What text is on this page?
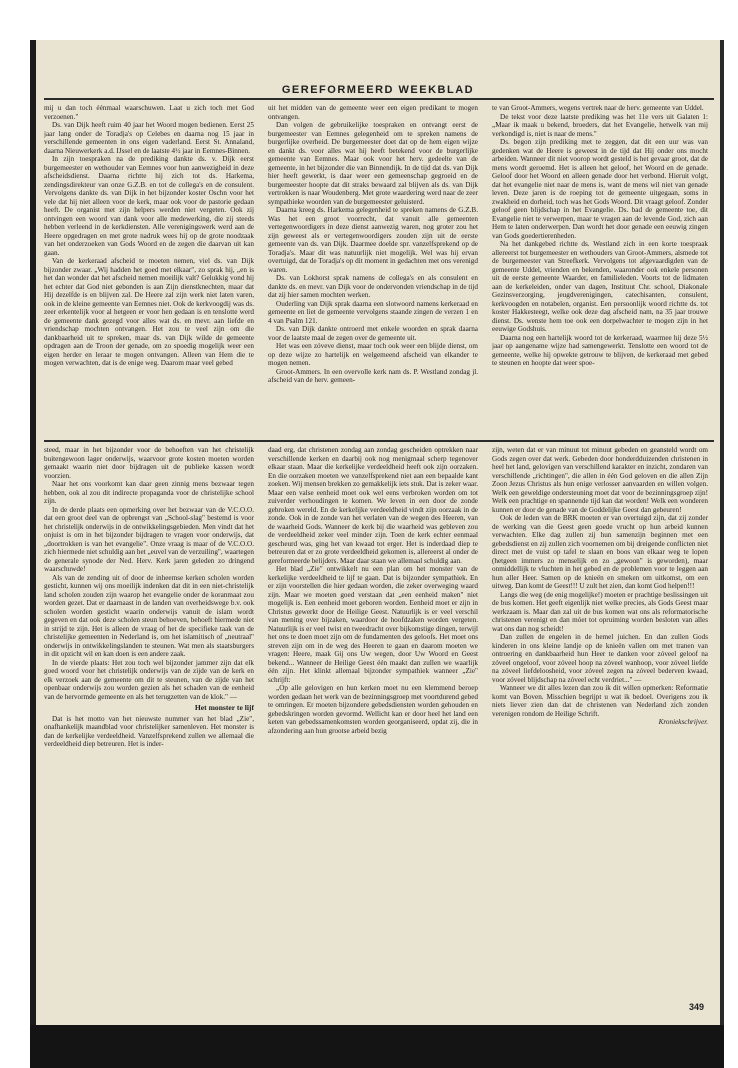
GEREFORMEERD WEEKBLAD

mij u dan toch éénmaal waarschuwen. Laat u zich toch met God verzoenen."

Ds. van Dijk heeft ruim 40 jaar het Woord mogen bedienen. Eerst 25 jaar lang onder de Toradja's op Celebes en daarna nog 15 jaar in verschillende gemeenten in ons eigen vaderland. Eerst St. Annaland, daarna Nieuwerkerk a.d. IJssel en de laatste 4½ jaar in Eemnes-Binnen.

In zijn toespraken na de prediking dankte ds. v. Dijk eerst burgemeester en wethouder van Eemnes voor hun aanwezigheid in deze afscheidsdienst. Daarna richtte hij zich tot ds. Harkema, zendingsdirekteur van onze G.Z.B. en tot de collega's en de consulent. Vervolgens dankte ds. van Dijk in het bijzonder koster Oschn voor het vele dat hij niet alleen voor de kerk, maar ook voor de pastorie gedaan heeft. De organist met zijn helpers werden niet vergeten. Ook zij ontvingen een woord van dank voor alle medewerking, die zij steeds hebben verleend in de kerkdiensten. Alle verenigingswerk werd aan de Heere opgedragen en met grote nadruk wees hij op de grote noodzaak van het onderzoeken van Gods Woord en de zegen die daarvan uit kan gaan.

Van de kerkeraad afscheid te moeten nemen, viel ds. van Dijk bijzonder zwaar. „Wij hadden het goed met elkaar", zo sprak hij, „en is het dan wonder dat het afscheid nemen moeilijk valt? Gelukkig vond hij het echter dat God niet gebonden is aan Zijn dienstknechten, maar dat Hij dezelfde is en blijven zal. De Heere zal zijn werk niet laten varen, ook in de kleine gemeente van Eemnes niet. Ook de kerkvoogdij was ds. zeer erkentelijk voor al hetgeen er voor hen gedaan is en tenslotte werd de gemeente dank gezegd voor alles wat ds. en mevr. aan liefde en vriendschap mochten ontvangen. Het zou te veel zijn om die dankbaarheid uit te spreken, maar ds. van Dijk wilde de gemeente opdragen aan de Troon der genade, om zo spoedig mogelijk weer een eigen herder en leraar te mogen ontvangen. Alleen van Hem die te mogen verwachten, dat is de enige weg. Daarom maar veel gebed

uit het midden van de gemeente weer een eigen predikant te mogen ontvangen.

Dan volgen de gebruikelijke toespraken en ontvangt eerst de burgemeester van Eemnes gelegenheid om te spreken namens de burgerlijke overheid. De burgemeester doet dat op de hem eigen wijze en dankt ds. voor alles wat hij heeft betekend voor de burgerlijke gemeente van Eemnes. Maar ook voor het herv. gedeelte van de gemeente, in het bijzonder die van Binnendijk. In de tijd dat ds. van Dijk hier heeft gewerkt, is daar weer een gemeenschap gegroeid en de burgemeester hoopte dat dit straks bewaard zal blijven als ds. van Dijk vertrokken is naar Woudenberg. Met grote waardering werd naar de zeer sympathieke woorden van de burgemeester geluisterd.

Daarna kreeg ds. Harkema gelegenheid te spreken namens de G.Z.B. Was het een groot voorrecht, dat vanuit alle gemeenten vertegenwoordigers in deze dienst aanwezig waren, nog groter zou het zijn geweest als er vertegenwoordigers zouden zijn uit de eerste gemeente van ds. van Dijk. Daarmee doelde spr. vanzelfsprekend op de Toradja's. Maar dit was natuurlijk niet mogelijk. Wel was hij ervan overtuigd, dat de Toradja's op dit moment in gedachten met ons verenigd waren.

Ds. van Lokhorst sprak namens de collega's en als consulent en dankte ds. en mevr. van Dijk voor de ondervonden vriendschap in de tijd dat zij hier samen mochten werken.

Ouderling van Dijk sprak daarna een slotwoord namens kerkeraad en gemeente en liet de gemeente vervolgens staande zingen de verzen 1 en 4 van Psalm 121.

Ds. van Dijk dankte ontroerd met enkele woorden en sprak daarna voor de laatste maal de zegen over de gemeente uit.

Het was een zóveve dienst, maar toch ook weer een blijde dienst, om op deze wijze zo hartelijk en welgemeend afscheid van elkander te mogen nemen.

Groot-Ammers. In een overvolle kerk nam ds. P. Westland zondag jl. afscheid van de herv. gemeen-

te van Groot-Ammers, wegens vertrek naar de herv. gemeente van Uddel.

De tekst voor deze laatste prediking was het 11e vers uit Galaten 1: „Maar ik maak u bekend, broeders, dat het Evangelie, hetwelk van mij verkondigd is, niet is naar de mens."

Ds. begon zijn prediking met te zeggen, dat dit een uur was van gedenken wat de Heere is geweest in de tijd dat Hij onder ons mocht arbeiden. Wanneer dit niet voorop wordt gesteld is het gevaar groot, dat de mens wordt geroemd. Het is alleen het geloof, het Woord en de genade. Geloof door het Woord en alleen genade door het verbond. Hieruit volgt, dat het evangelie niet naar de mens is, want de mens wil niet van genade leven. Deze jaren is de roeping tot de gemeente uitgegaan, soms in zwakheid en dorheid, toch was het Gods Woord. Dit vraagt geloof. Zonder geloof geen blijdschap in het Evangelie. Ds. bad de gemeente toe, dit Evangelie niet te verwerpen, maar te vragen aan de levende God, zich aan Hem te laten onderwerpen. Dan wordt het door genade een eeuwig zingen van Gods goedertierenheden.

Na het dankgebed richtte ds. Westland zich in een korte toespraak allereerst tot burgemeester en wethouders van Groot-Ammers, alsmede tot de burgemeester van Streefkerk. Vervolgens tot afgevaardigden van de gemeente Uddel, vrienden en bekenden, waaronder ook enkele personen uit de eerste gemeente Waarder, en familieleden. Voorts tot de lidmaten aan de kerkeleiden, onder van dagen, Instituut Chr. school, Diakonale Gezinsverzorging, jeugdverenigingen, catechisanten, consulent, kerkvoogden en notabelen, organist. Een persoonlijk woord richtte ds. tot koster Hakkesteegt, welke ook deze dag afscheid nam, na 35 jaar trouwe dienst. Ds. wenste hem toe ook een dorpelwachter te mogen zijn in het eeuwige Godshuis.

Daarna nog een hartelijk woord tot de kerkeraad, waarmee hij deze 5½ jaar op aangename wijze had samengewerkt. Tenslotte een woord tot de gemeente, welke hij opwekte getrouw te blijven, de kerkeraad met gebed te steunen en hoopte dat weer spoe-

steed, maar in het bijzonder voor de behoeften van het christelijk buitengewoon lager onderwijs, waarvoor grote kosten moeten worden gemaakt waarin niet door bijdragen uit de publieke kassen wordt voorzien.

Naar het ons voorkomt kan daar geen zinnig mens bezwaar tegen hebben, ook al zou dit indirecte propaganda voor de christelijke school zijn.

In de derde plaats een opmerking over het bezwaar van de V.C.O.O. dat een groot deel van de opbrengst van „School-slag" bestemd is voor het christelijk onderwijs in de ontwikkelingsgebieden. Men vindt dat het onjuist is om in het bijzonder bijdragen te vragen voor onderwijs, dat „doortrokken is van het evangelie". Onze vraag is maar of de V.C.O.O. zich hiermede niet schuldig aan het „euvel van de verzuiling", waartegen de generale synode der Ned. Herv. Kerk jaren geleden zo dringend waarschuwde!

Als van de zending uit of door de inheemse kerken scholen worden gesticht, kunnen wij ons moeilijk indenken dat dit in een niet-christelijk land scholen zouden zijn waarop het evangelie onder de koranmaat zou worden gezet. Dat er daarnaast in de landen van overheidswege b.v. ook scholen worden gesticht waarin onderwijs vanuit de islam wordt gegeven en dat ook deze scholen steun behoeven, behoeft hiermede niet in strijd te zijn. Het is alleen de vraag of het de specifieke taak van de christelijke gemeenten in Nederland is, om het islamitisch of „neutraal" onderwijs in ontwikkelingslanden te steunen. Wat men als staatsburgers in dit opzicht wil en kan doen is een andere zaak.

In de vierde plaats: Het zou toch wel bijzonder jammer zijn dat elk goed woord voor het christelijk onderwijs van de zijde van de kerk en elk verzoek aan de gemeente om dit te steunen, van de zijde van het openbaar onderwijs zou worden gezien als het schaden van de eenheid van de hervormde gemeente en als het terugzetten van de klok." —

Het monster te lijf

Dat is het motto van het nieuwste nummer van het blad „Zie", onafhankelijk maandblad voor christelijker samenleven. Het monster is dan de kerkelijke verdeeldheid. Vanzelfsprekend zullen we allemaal die verdeeldheid diep betreuren. Het is inder-

daad erg, dat christenen zondag aan zondag gescheiden optrekken naar verschillende kerken en daarbij ook nog menigmaal scherp tegenover elkaar staan. Maar die kerkelijke verdeeldheid heeft ook zijn oorzaken. En die oorzaken moeten we vanzelfsprekend niet aan een bepaalde kant zoeken. Wij mensen brekken zo gemakkelijk iets stuk. Dat is zeker waar. Maar een valse eenheid moet ook wel eens verbroken worden om tot zuiverder verhoudingen te komen. We leven in een door de zonde gebroken wereld. En de kerkelijke verdeeldheid vindt zijn oorzaak in de zonde. Ook in de zonde van het verlaten van de wegen des Heeren, van de waarheid Gods. Wanneer de kerk bij die waarheid was gebleven zou de verdeeldheid zeker veel minder zijn. Toen de kerk echter eenmaal gescheurd was, ging het van kwaad tot erger. Het is inderdaad diep te betreuren dat er zo grote verdeeldheid gekomen is, allereerst al onder de gereformeerde belijders. Maar daar staan we allemaal schuldig aan.

Het blad „Zie" ontwikkelt nu een plan om het monster van de kerkelijke verdeeldheid te lijf te gaan. Dat is bijzonder sympathiek. En er zijn voorstellen die hier gedaan worden, die zeker overweging waard zijn. Maar we moeten goed verstaan dat „een eenheid maken" niet mogelijk is. Een eenheid moet geboren worden. Eenheid moet er zijn in Christus gewerkt door de Heilige Geest. Natuurlijk is er veel verschil van mening over bijzaken, waardoor de hoofdzaken worden vergeten. Natuurlijk is er veel twist en tweedracht over bijkomstige dingen, terwijl het ons te doen moet zijn om de fundamenten des geloofs. Het moet ons streven zijn om in de weg des Heeren te gaan en daarom moeten we vragen: Heere, maak Gij ons Uw wegen, door Uw Woord en Geest bekend... Wanneer de Heilige Geest één maakt dan zullen we waarlijk één zijn. Het klinkt allemaal bijzonder sympathiek wanneer „Zie" schrijft:

„Op alle gelovigen en hun kerken moet nu een klemmend beroep worden gedaan het werk van de bezinningsgroep met voortdurend gebed te omringen. Er moeten bijzondere gebedsdiensten worden gehouden en gebedskringen worden gevormd. Wellicht kan er door heel het land een keten van gebedssamenkomsten worden georganiseerd, opdat zij, die in afzondering aan hun grootse arbeid bezig

zijn, weten dat er van minuut tot minuut gebeden en geansteld wordt om Gods zegen over dat werk. Gebeden door honderdduizenden christenen in heel het land, gelovigen van verschillend karakter en inzicht, zondaren van verschillende „richtingen", die allen in één God geloven en die allen Zijn Zoon Jezus Christus als hun enige verlosser aanvaarden en willen volgen. Welk een geweldige ondersteuning moet dat voor de bezinningsgroep zijn! Welk een prachtige en spannende tijd kan dat worden! Welk een wonderen kunnen er door de genade van de Goddelijke Geest dan gebeuren!

Ook de leden van de BRK moeten er van overtuigd zijn, dat zij zonder de werking van die Geest geen goede vrucht op hun arbeid kunnen verwachten. Elke dag zullen zij hun samenzijn beginnen met een gebedsdienst en zij zullen zich voornemen om bij dreigende conflicten niet direct met de vuist op tafel te slaan en boos van elkaar weg te lopen (hetgeen immers zo menselijk en zo „gewoon" is geworden), maar onmiddellijk te vluchten in het gebed en de problemen voor te leggen aan hun aller Heer. Samen op de knieën en smeken om uitkomst, om een uitweg. Dan komt de Geest!!! U zult het zien, dan komt God helpen!!!

Langs die weg (de enig mogelijke!) moeten er prachtige beslissingen uit de bus komen. Het geeft eigenlijk niet welke precies, als Gods Geest maar werkzaam is. Maar dan zal uit de bus komen wat ons als reformatorische christenen verenigt en dan móet tot opruiming worden besloten van alles wat ons dan nog scheidt!

Dan zullen de engelen in de hemel juichen. En dan zullen Gods kinderen in ons kleine landje op de knieën vallen om met tranen van ontroering en dankbaarheid hun Heer te danken voor zóveel geloof na zóveel ongeloof, voor zóveel hoop na zóveel wanhoop, voor zóveel liefde na zóveel liefdeloosheid, voor zóveel zegen na zóveel bederven kwaad, voor zóveel blijdschap na zóveel echt verdriet..." —

Wanneer we dit alles lezen dan zou ik dit willen opmerken: Reformatie komt van Boven. Misschien begrijpt u wat ik bedoel. Overigens zou ik niets liever zien dan dat de christenen van Nederland zich zonden verenigen rondom de Heilige Schrift.

Kroniekschrijver.
349
